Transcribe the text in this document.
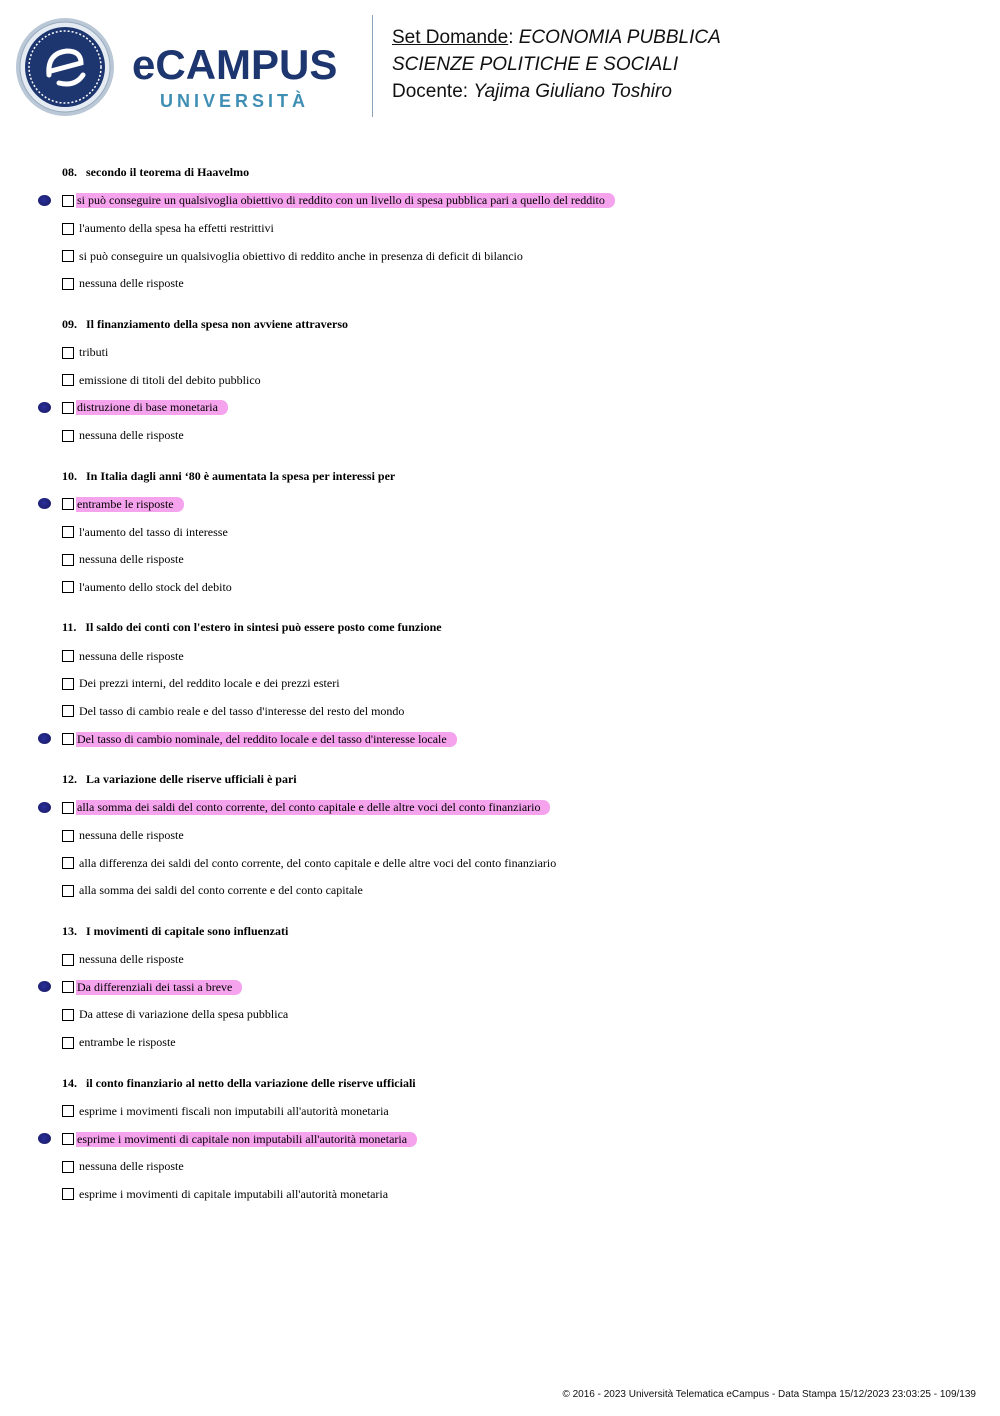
eCAMPUS
UNIVERSITÀ
Set Domande: ECONOMIA PUBBLICA
SCIENZE POLITICHE E SOCIALI
Docente: Yajima Giuliano Toshiro
08. secondo il teorema di Haavelmo
si può conseguire un qualsivoglia obiettivo di reddito con un livello di spesa pubblica pari a quello del reddito
l'aumento della spesa ha effetti restrittivi
si può conseguire un qualsivoglia obiettivo di reddito anche in presenza di deficit di bilancio
nessuna delle risposte
09. Il finanziamento della spesa non avviene attraverso
tributi
emissione di titoli del debito pubblico
distruzione di base monetaria
nessuna delle risposte
10. In Italia dagli anni ‘80 è aumentata la spesa per interessi per
entrambe le risposte
l'aumento del tasso di interesse
nessuna delle risposte
l'aumento dello stock del debito
11. Il saldo dei conti con l'estero in sintesi può essere posto come funzione
nessuna delle risposte
Dei prezzi interni, del reddito locale e dei prezzi esteri
Del tasso di cambio reale e del tasso d'interesse del resto del mondo
Del tasso di cambio nominale, del reddito locale e del tasso d'interesse locale
12. La variazione delle riserve ufficiali è pari
alla somma dei saldi del conto corrente, del conto capitale e delle altre voci del conto finanziario
nessuna delle risposte
alla differenza dei saldi del conto corrente, del conto capitale e delle altre voci del conto finanziario
alla somma dei saldi del conto corrente e del conto capitale
13. I movimenti di capitale sono influenzati
nessuna delle risposte
Da differenziali dei tassi a breve
Da attese di variazione della spesa pubblica
entrambe le risposte
14. il conto finanziario al netto della variazione delle riserve ufficiali
esprime i movimenti fiscali non imputabili all'autorità monetaria
esprime i movimenti di capitale non imputabili all'autorità monetaria
nessuna delle risposte
esprime i movimenti di capitale imputabili all'autorità monetaria
© 2016 - 2023 Università Telematica eCampus - Data Stampa 15/12/2023 23:03:25 - 109/139
